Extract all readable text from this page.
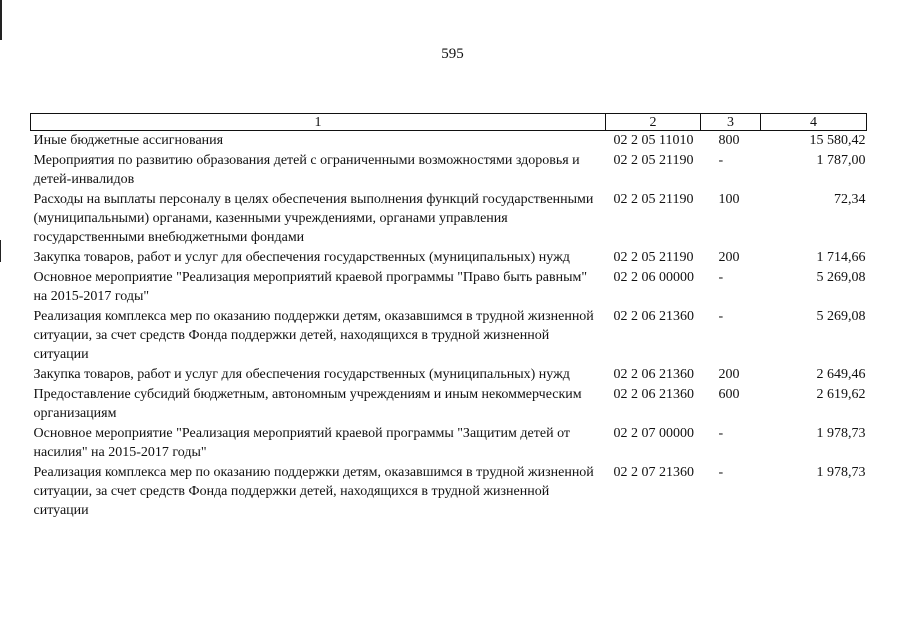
595
1	2	3	4
Иные бюджетные ассигнования	02 2 05 11010	800	15 580,42
Мероприятия по развитию образования детей с ограниченными возможностями здоровья и детей-инвалидов	02 2 05 21190	-	1 787,00
Расходы на выплаты персоналу в целях обеспечения выполнения функций государственными (муниципальными) органами, казенными учреждениями, органами управления государственными внебюджетными фондами	02 2 05 21190	100	72,34
Закупка товаров, работ и услуг для обеспечения государственных (муниципальных) нужд	02 2 05 21190	200	1 714,66
Основное мероприятие "Реализация мероприятий краевой программы "Право быть равным" на 2015-2017 годы"	02 2 06 00000	-	5 269,08
Реализация комплекса мер по оказанию поддержки детям, оказавшимся в трудной жизненной ситуации, за счет средств Фонда поддержки детей, находящихся в трудной жизненной ситуации	02 2 06 21360	-	5 269,08
Закупка товаров, работ и услуг для обеспечения государственных (муниципальных) нужд	02 2 06 21360	200	2 649,46
Предоставление субсидий бюджетным, автономным учреждениям и иным некоммерческим организациям	02 2 06 21360	600	2 619,62
Основное мероприятие "Реализация мероприятий краевой программы "Защитим детей от насилия" на 2015-2017 годы"	02 2 07 00000	-	1 978,73
Реализация комплекса мер по оказанию поддержки детям, оказавшимся в трудной жизненной ситуации, за счет средств Фонда поддержки детей, находящихся в трудной жизненной ситуации	02 2 07 21360	-	1 978,73
